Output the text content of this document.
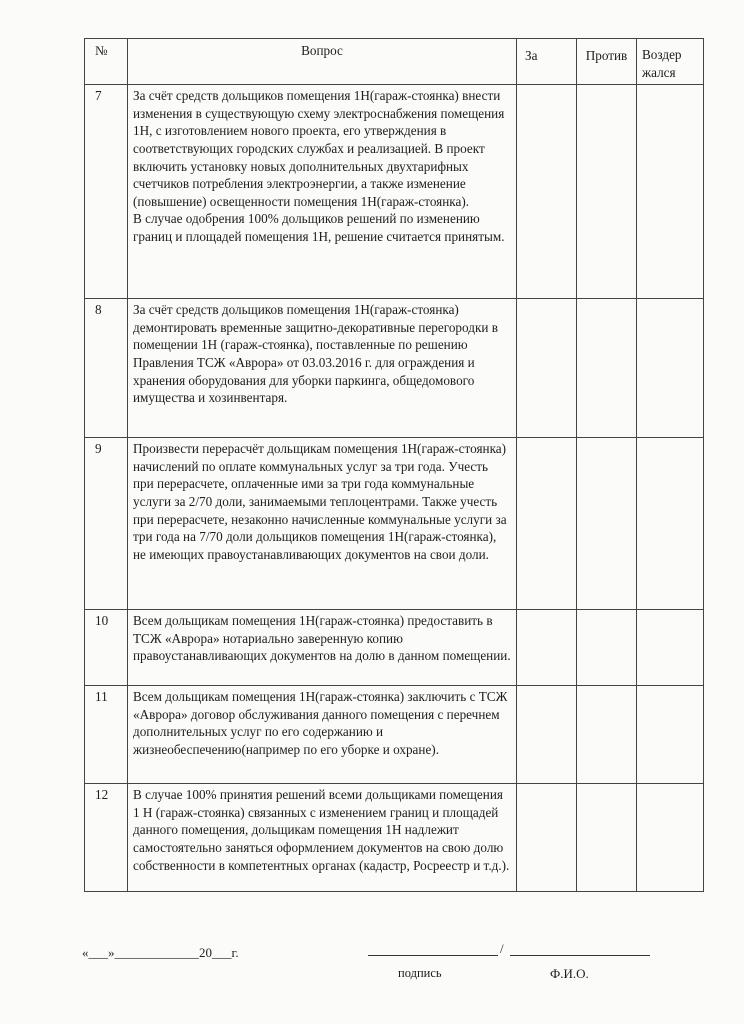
№	Вопрос	За	Против	Воздер жался
7	За счёт средств дольщиков помещения 1Н(гараж-стоянка) внести изменения в существующую схему электроснабжения помещения 1Н, с изготовлением нового проекта, его утверждения в соответствующих городских службах и реализацией. В проект включить установку новых дополнительных двухтарифных счетчиков потребления электроэнергии, а также изменение (повышение) освещенности помещения 1Н(гараж-стоянка).
В случае одобрения 100% дольщиков решений по изменению границ и площадей помещения 1Н, решение считается принятым.			

8	За счёт средств дольщиков помещения 1Н(гараж-стоянка) демонтировать временные защитно-декоративные перегородки в помещении 1Н (гараж-стоянка), поставленные по решению Правления ТСЖ «Аврора» от 03.03.2016 г. для ограждения и хранения оборудования для уборки паркинга, общедомового имущества и хозинвентаря.			
9	Произвести перерасчёт дольщикам помещения 1Н(гараж-стоянка) начислений по оплате коммунальных услуг за три года. Учесть при перерасчете, оплаченные ими за три года коммунальные услуги за 2/70 доли, занимаемыми теплоцентрами. Также учесть при перерасчете, незаконно начисленные коммунальные услуги за три года на 7/70 доли дольщиков помещения 1Н(гараж-стоянка), не имеющих правоустанавливающих документов на свои доли.			
10	Всем дольщикам помещения 1Н(гараж-стоянка) предоставить в ТСЖ «Аврора» нотариально заверенную копию правоустанавливающих документов на долю в данном помещении.			
11	Всем дольщикам помещения 1Н(гараж-стоянка) заключить с ТСЖ «Аврора» договор обслуживания данного помещения с перечнем дополнительных услуг по его содержанию и жизнеобеспечению(например по его уборке и охране).			
12	В случае 100% принятия решений всеми дольщиками помещения 1 Н (гараж-стоянка) связанных с изменением границ и площадей данного помещения, дольщикам помещения 1Н надлежит самостоятельно заняться оформлением документов на свою долю собственности в компетентных органах (кадастр, Росреестр и т.д.).			
«___»_____________20___г.	/
подпись	Ф.И.О.
